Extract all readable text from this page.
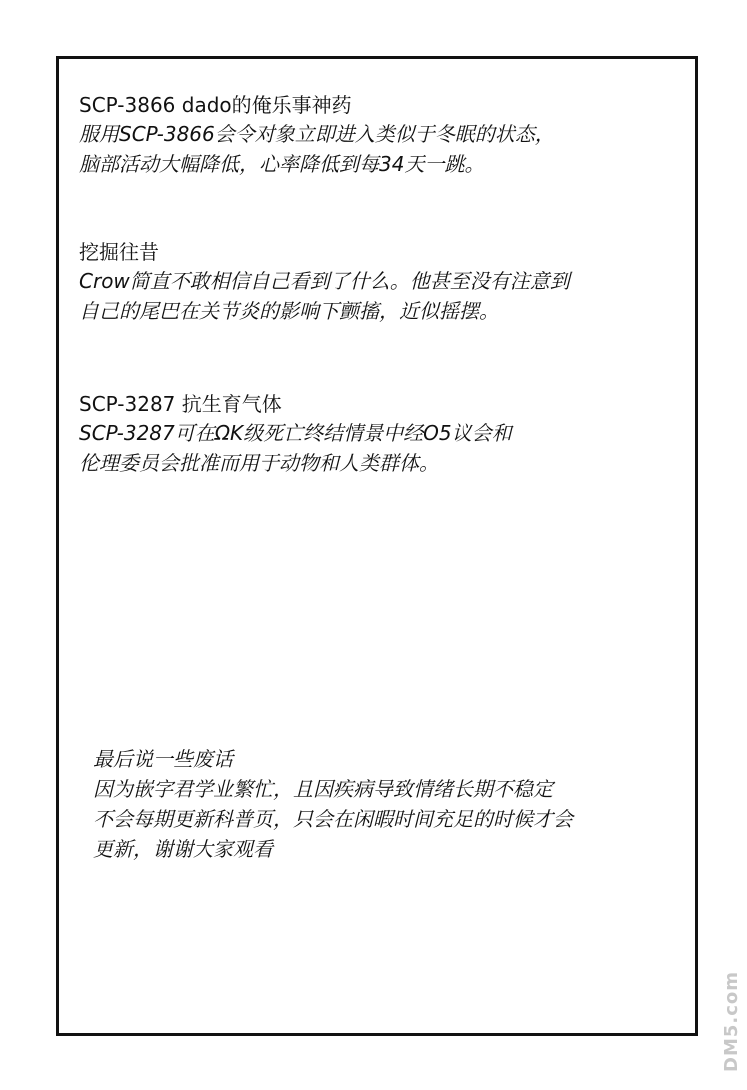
SCP-3866 dado的俺乐事神药
服用SCP-3866会令对象立即进入类似于冬眠的状态，
脑部活动大幅降低，心率降低到每34天一跳。
挖掘往昔
Crow简直不敢相信自己看到了什么。他甚至没有注意到
自己的尾巴在关节炎的影响下颤搐，近似摇摆。
SCP-3287 抗生育气体
SCP-3287可在ΩK级死亡终结情景中经O5议会和
伦理委员会批准而用于动物和人类群体。
最后说一些废话
因为嵌字君学业繁忙，且因疾病导致情绪长期不稳定
不会每期更新科普页，只会在闲暇时间充足的时候才会
更新，谢谢大家观看
DM5.com
